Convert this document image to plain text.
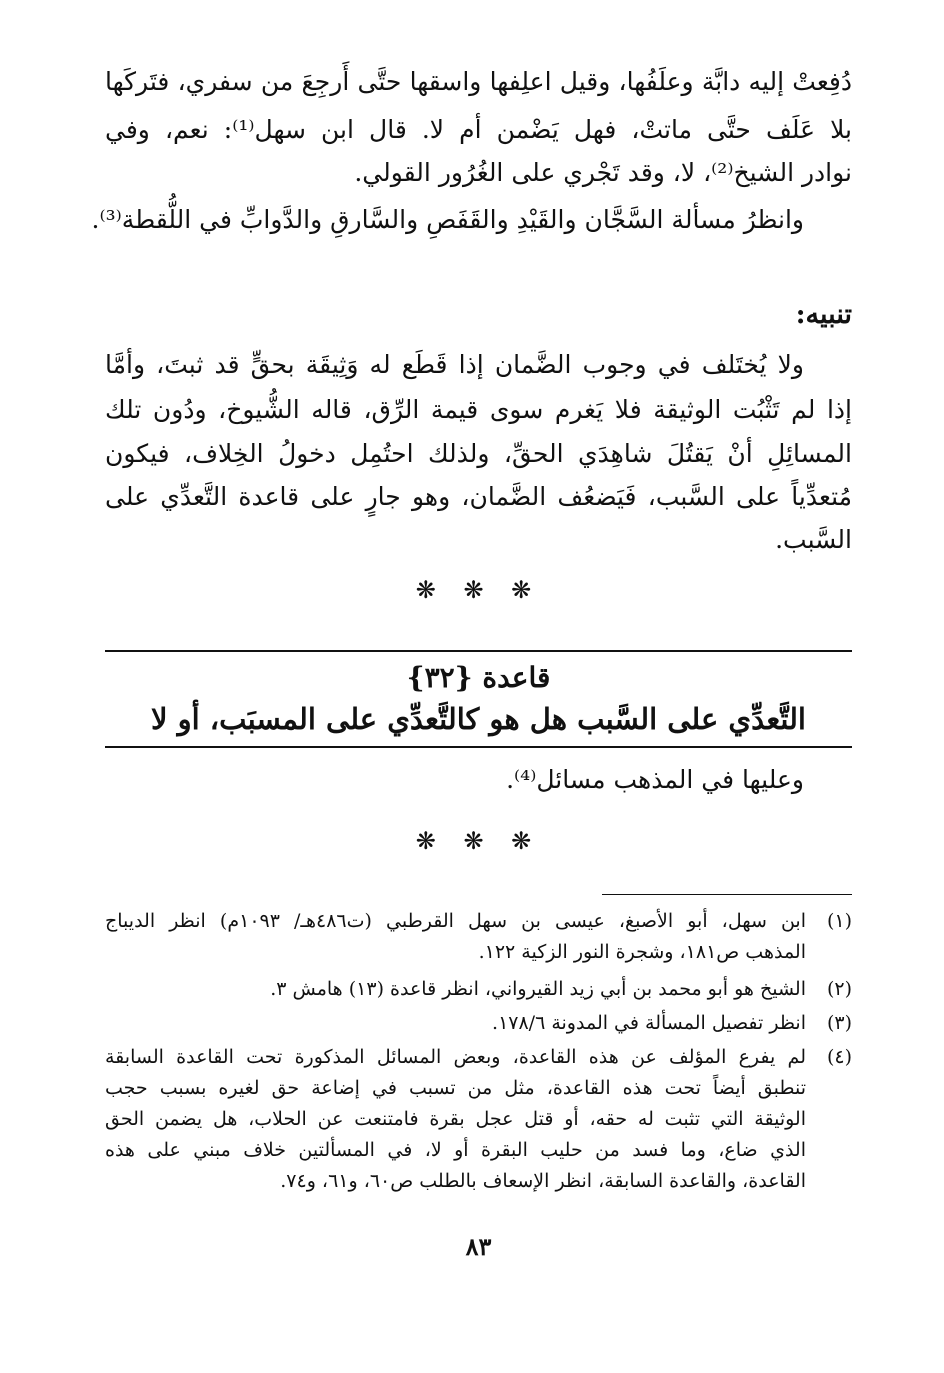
دُفِعتْ إليه دابَّة وعلَفُها، وقيل اعلِفها واسقها حتَّى أَرجِعَ من سفري، فتَركَها
بلا عَلَف حتَّى ماتتْ، فهل يَضْمن أم لا. قال ابن سهل⁽¹⁾: نعم، وفي
نوادر الشيخ⁽²⁾، لا، وقد تَجْري على الغُرُور القولي.
وانظرُ مسألة السَّجَّان والقَيْدِ والقَفَصِ والسَّارقِ والدَّوابِّ في اللُّقطة⁽³⁾.
تنبيه:
ولا يُختَلف في وجوب الضَّمان إذا قَطَع له وَثِيقَة بحقٍّ قد ثبتَ، وأمَّا
إذا لم تَثْبُت الوثيقة فلا يَغرم سوى قيمة الرِّق، قاله الشُّيوخ، ودُون تلك
المسائِلِ أنْ يَقتُلَ شاهِدَي الحقِّ، ولذلك احتُمِل دخولُ الخِلاف، فيكون
مُتعدِّياً على السَّبب، فَيَضعُف الضَّمان، وهو جارٍ على قاعدة التَّعدِّي على
السَّبب.
❋ ❋ ❋
قاعدة {٣٢}
التَّعدِّي على السَّبب هل هو كالتَّعدِّي على المسبَب، أو لا
وعليها في المذهب مسائل⁽⁴⁾.
❋ ❋ ❋
(١)
ابن سهل، أبو الأصبغ، عيسى بن سهل القرطبي (ت٤٨٦هـ/ ١٠٩٣م) انظر الديباج
المذهب ص١٨١، وشجرة النور الزكية ١٢٢.
(٢)
الشيخ هو أبو محمد بن أبي زيد القيرواني، انظر قاعدة (١٣) هامش ٣.
(٣)
انظر تفصيل المسألة في المدونة ١٧٨/٦.
(٤)
لم يفرع المؤلف عن هذه القاعدة، وبعض المسائل المذكورة تحت القاعدة السابقة
تنطبق أيضاً تحت هذه القاعدة، مثل من تسبب في إضاعة حق لغيره بسبب حجب
الوثيقة التي تثبت له حقه، أو قتل عجل بقرة فامتنعت عن الحلاب، هل يضمن الحق
الذي ضاع، وما فسد من حليب البقرة أو لا، في المسألتين خلاف مبني على هذه
القاعدة، والقاعدة السابقة، انظر الإسعاف بالطلب ص٦٠، و٦١، و٧٤.
٨٣
